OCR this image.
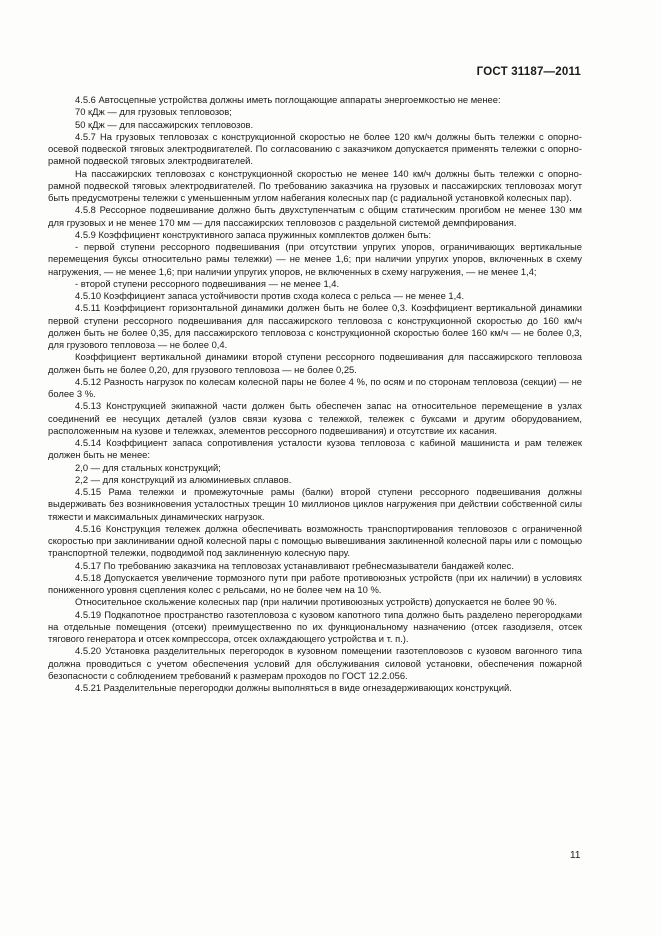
ГОСТ 31187—2011

4.5.6 Автосцепные устройства должны иметь поглощающие аппараты энергоемкостью не менее:

70 кДж — для грузовых тепловозов;

50 кДж — для пассажирских тепловозов.

4.5.7 На грузовых тепловозах с конструкционной скоростью не более 120 км/ч должны быть тележки с опорно-осевой подвеской тяговых электродвигателей. По согласованию с заказчиком допускается применять тележки с опорно-рамной подвеской тяговых электродвигателей.

На пассажирских тепловозах с конструкционной скоростью не менее 140 км/ч должны быть тележки с опорно-рамной подвеской тяговых электродвигателей. По требованию заказчика на грузовых и пассажирских тепловозах могут быть предусмотрены тележки с уменьшенным углом набегания колесных пар (с радиальной установкой колесных пар).

4.5.8 Рессорное подвешивание должно быть двухступенчатым с общим статическим прогибом не менее 130 мм для грузовых и не менее 170 мм — для пассажирских тепловозов с раздельной системой демпфирования.

4.5.9 Коэффициент конструктивного запаса пружинных комплектов должен быть:

- первой ступени рессорного подвешивания (при отсутствии упругих упоров, ограничивающих вертикальные перемещения буксы относительно рамы тележки) — не менее 1,6; при наличии упругих упоров, включенных в схему нагружения, — не менее 1,6; при наличии упругих упоров, не включенных в схему нагружения, — не менее 1,4;

- второй ступени рессорного подвешивания — не менее 1,4.

4.5.10 Коэффициент запаса устойчивости против схода колеса с рельса — не менее 1,4.

4.5.11 Коэффициент горизонтальной динамики должен быть не более 0,3. Коэффициент вертикальной динамики первой ступени рессорного подвешивания для пассажирского тепловоза с конструкционной скоростью до 160 км/ч должен быть не более 0,35, для пассажирского тепловоза с конструкционной скоростью более 160 км/ч — не более 0,3, для грузового тепловоза — не более 0,4.

Коэффициент вертикальной динамики второй ступени рессорного подвешивания для пассажирского тепловоза должен быть не более 0,20, для грузового тепловоза — не более 0,25.

4.5.12 Разность нагрузок по колесам колесной пары не более 4 %, по осям и по сторонам тепловоза (секции) — не более 3 %.

4.5.13 Конструкцией экипажной части должен быть обеспечен запас на относительное перемещение в узлах соединений ее несущих деталей (узлов связи кузова с тележкой, тележек с буксами и другим оборудованием, расположенным на кузове и тележках, элементов рессорного подвешивания) и отсутствие их касания.

4.5.14 Коэффициент запаса сопротивления усталости кузова тепловоза с кабиной машиниста и рам тележек должен быть не менее:

2,0 — для стальных конструкций;

2,2 — для конструкций из алюминиевых сплавов.

4.5.15 Рама тележки и промежуточные рамы (балки) второй ступени рессорного подвешивания должны выдерживать без возникновения усталостных трещин 10 миллионов циклов нагружения при действии собственной силы тяжести и максимальных динамических нагрузок.

4.5.16 Конструкция тележек должна обеспечивать возможность транспортирования тепловозов с ограниченной скоростью при заклинивании одной колесной пары с помощью вывешивания заклиненной колесной пары или с помощью транспортной тележки, подводимой под заклиненную колесную пару.

4.5.17 По требованию заказчика на тепловозах устанавливают гребнесмазыватели бандажей колес.

4.5.18 Допускается увеличение тормозного пути при работе противоюзных устройств (при их наличии) в условиях пониженного уровня сцепления колес с рельсами, но не более чем на 10 %.

Относительное скольжение колесных пар (при наличии противоюзных устройств) допускается не более 90 %.

4.5.19 Подкапотное пространство газотепловоза с кузовом капотного типа должно быть разделено перегородками на отдельные помещения (отсеки) преимущественно по их функциональному назначению (отсек газодизеля, отсек тягового генератора и отсек компрессора, отсек охлаждающего устройства и т. п.).

4.5.20 Установка разделительных перегородок в кузовном помещении газотепловозов с кузовом вагонного типа должна проводиться с учетом обеспечения условий для обслуживания силовой установки, обеспечения пожарной безопасности с соблюдением требований к размерам проходов по ГОСТ 12.2.056.

4.5.21 Разделительные перегородки должны выполняться в виде огнезадерживающих конструкций.

11
